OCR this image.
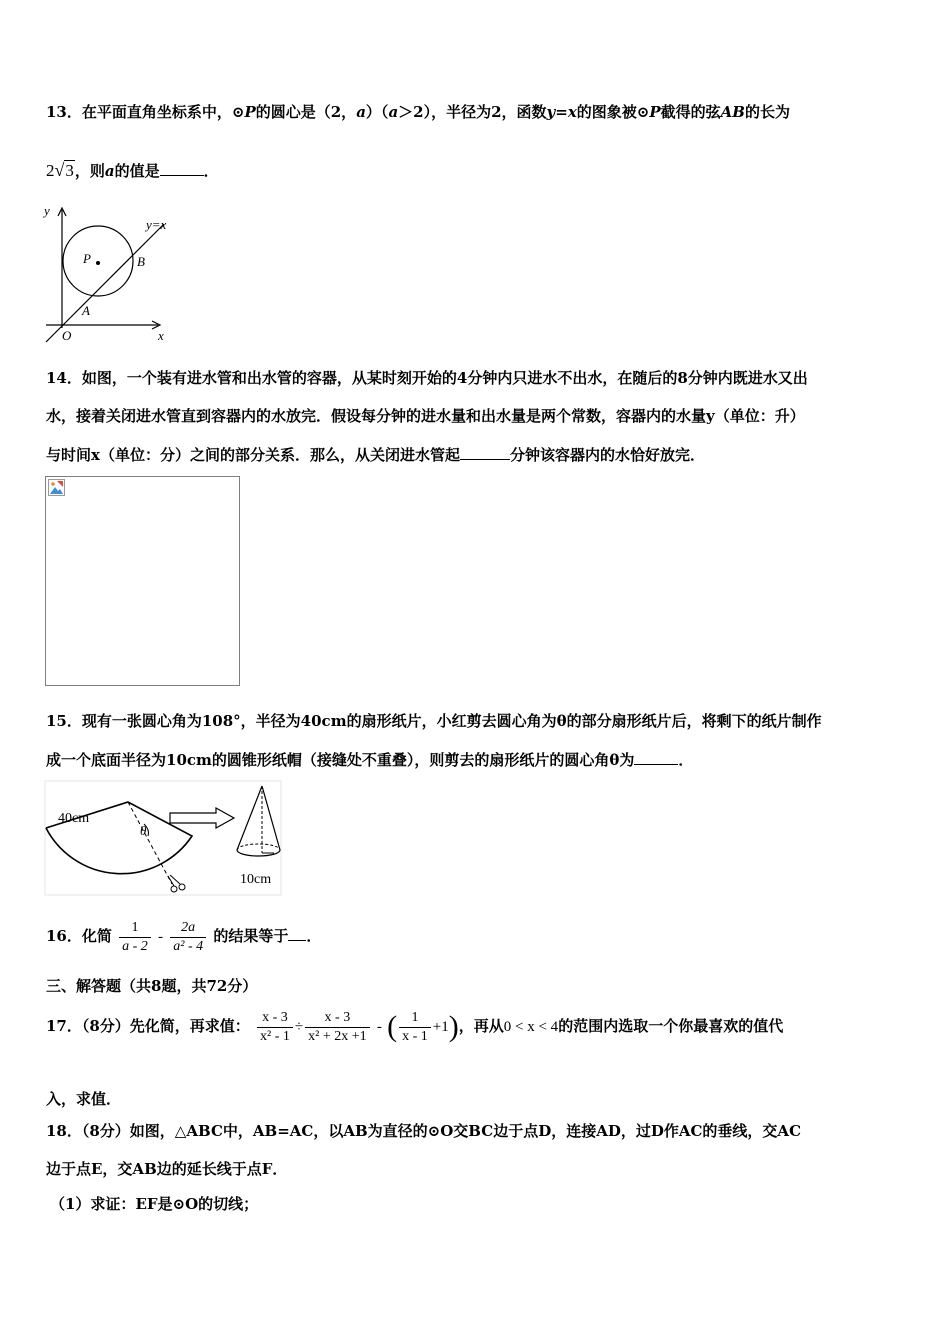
13．在平面直角坐标系中，⊙P的圆心是（2，a）（a＞2），半径为2，函数y=x的图象被⊙P截得的弦AB的长为
2√3，则a的值是	．
y
x
y=x
P	B
A
O
14．如图，一个装有进水管和出水管的容器，从某时刻开始的4分钟内只进水不出水，在随后的8分钟内既进水又出
水，接着关闭进水管直到容器内的水放完．假设每分钟的进水量和出水量是两个常数，容器内的水量y（单位：升）
与时间x（单位：分）之间的部分关系．那么，从关闭进水管起	分钟该容器内的水恰好放完．
15．现有一张圆心角为108°，半径为40cm的扇形纸片，小红剪去圆心角为θ的部分扇形纸片后，将剩下的纸片制作
成一个底面半径为10cm的圆锥形纸帽（接缝处不重叠），则剪去的扇形纸片的圆心角θ为	．
40cm
θ
10cm
16．化简 $\frac{1}{a - 2} - \frac{2a}{\text{a² - 4}}$ 的结果等于 ．
三、解答题（共8题，共72分）
17．（8分）先化简，再求值： $\frac{x - 3}{\text{x² - 1}} \div \frac{x - 3}{\text{x² + 2x +1}}$ - ( $\frac{1}{x - 1} +1$)，再从0 < x < 4的范围内选取一个你最喜欢的值代
入，求值．
18．（8分）如图，△ABC中，AB=AC，以AB为直径的⊙O交BC边于点D，连接AD，过D作AC的垂线，交AC
边于点E，交AB边的延长线于点F．
（1）求证：EF是⊙O的切线；
